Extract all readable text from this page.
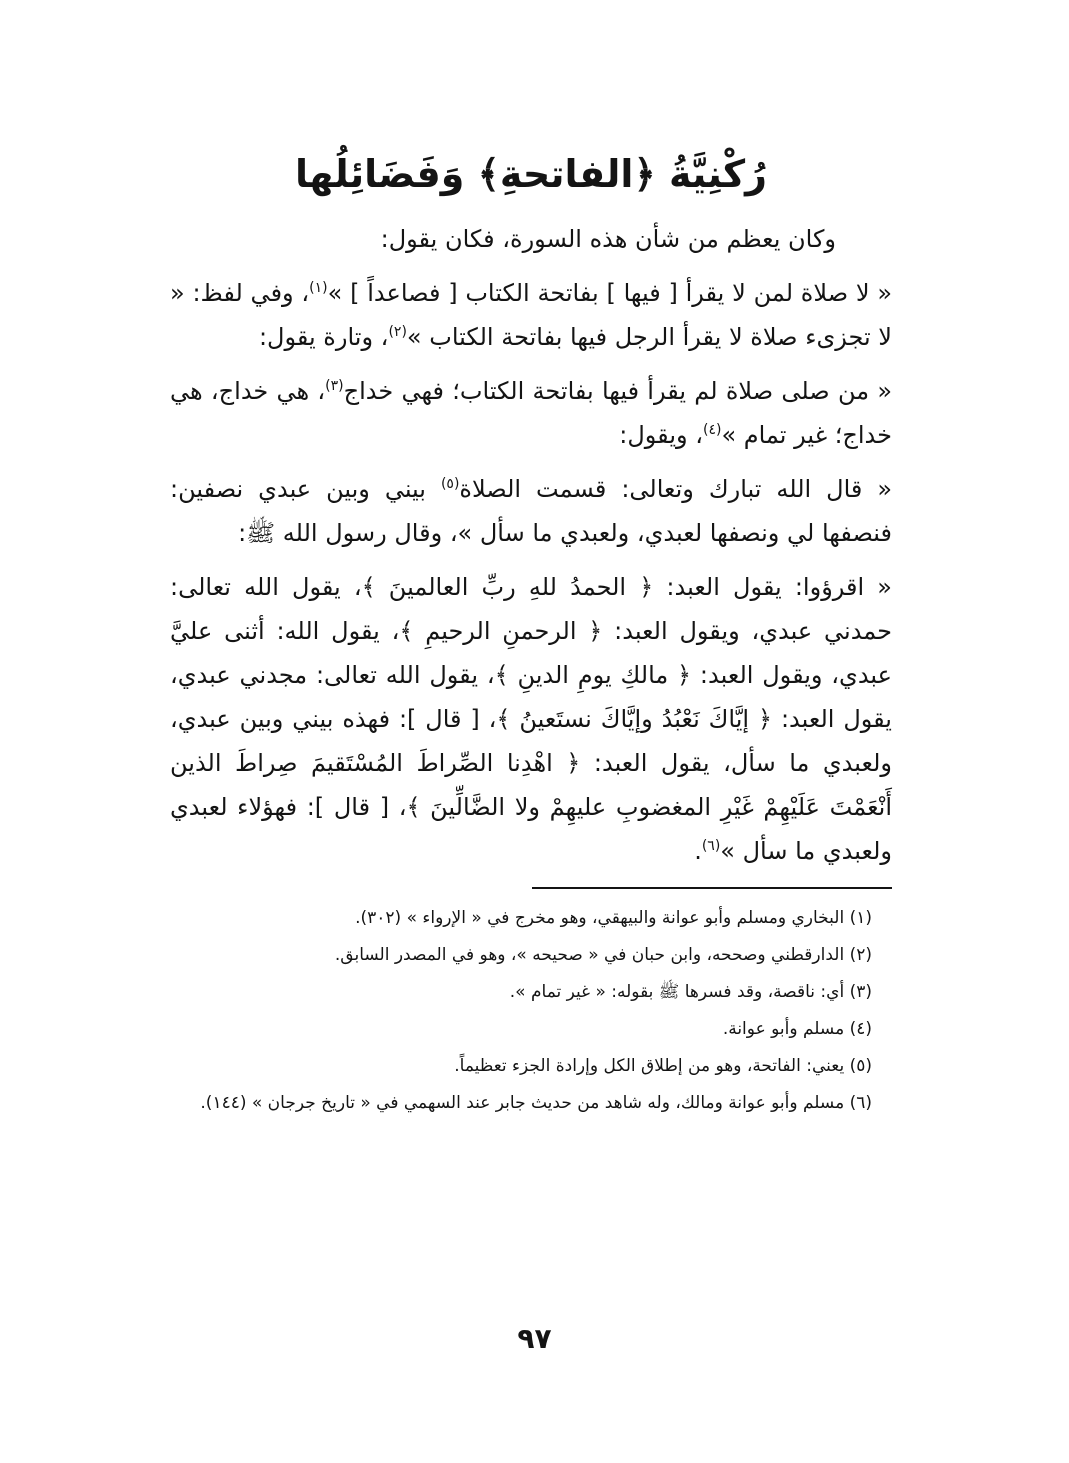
رُكْنِيَّةُ ﴿الفاتحةِ﴾ وَفَضَائِلُها

وكان يعظم من شأن هذه السورة، فكان يقول:

« لا صلاة لمن لا يقرأ [ فيها ] بفاتحة الكتاب [ فصاعداً ] »$^{(١)}$، وفي لفظ: « لا تجزىء صلاة لا يقرأ الرجل فيها بفاتحة الكتاب »$^{(٢)}$، وتارة يقول:

« من صلى صلاة لم يقرأ فيها بفاتحة الكتاب؛ فهي خداج$^{(٣)}$، هي خداج، هي خداج؛ غير تمام »$^{(٤)}$، ويقول:

« قال الله تبارك وتعالى: قسمت الصلاة$^{(٥)}$ بيني وبين عبدي نصفين: فنصفها لي ونصفها لعبدي، ولعبدي ما سأل »، وقال رسول الله ﷺ:

« اقرؤوا: يقول العبد: ﴿ الحمدُ للهِ ربِّ العالمينَ ﴾، يقول الله تعالى: حمدني عبدي، ويقول العبد: ﴿ الرحمنِ الرحيمِ ﴾، يقول الله: أثنى عليَّ عبدي، ويقول العبد: ﴿ مالكِ يومِ الدينِ ﴾، يقول الله تعالى: مجدني عبدي، يقول العبد: ﴿ إيَّاكَ نَعْبُدُ وإيَّاكَ نستَعينُ ﴾، [ قال ]: فهذه بيني وبين عبدي، ولعبدي ما سأل، يقول العبد: ﴿ اهْدِنا الصِّراطَ المُسْتَقيمَ صِراطَ الذين أَنْعَمْتَ عَلَيْهِمْ غَيْرِ المغضوبِ عليهِمْ ولا الضَّالِّينَ ﴾، [ قال ]: فهؤلاء لعبدي ولعبدي ما سأل »$^{(٦)}$.

(١) البخاري ومسلم وأبو عوانة والبيهقي، وهو مخرج في « الإرواء » (٣٠٢).

(٢) الدارقطني وصححه، وابن حبان في « صحيحه »، وهو في المصدر السابق.

(٣) أي: ناقصة، وقد فسرها ﷺ بقوله: « غير تمام ».

(٤) مسلم وأبو عوانة.

(٥) يعني: الفاتحة، وهو من إطلاق الكل وإرادة الجزء تعظيماً.

(٦) مسلم وأبو عوانة ومالك، وله شاهد من حديث جابر عند السهمي في « تاريخ جرجان » (١٤٤).

٩٧
